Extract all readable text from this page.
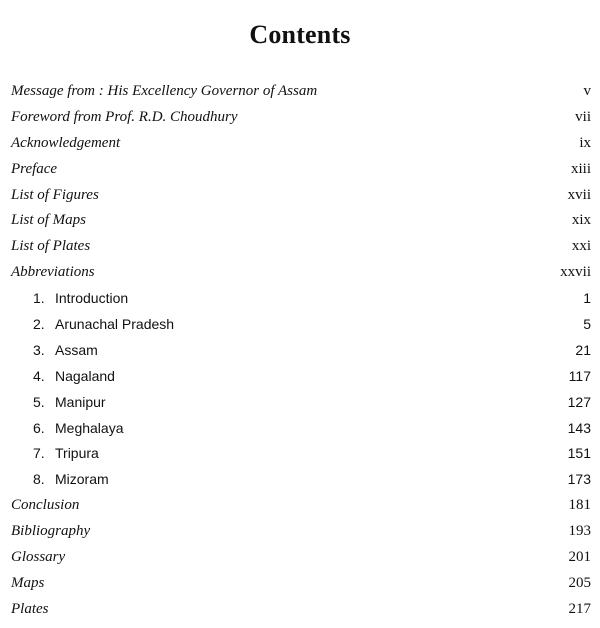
Contents
Message from : His Excellency Governor of Assam	v
Foreword from Prof. R.D. Choudhury	vii
Acknowledgement	ix
Preface	xiii
List of Figures	xvii
List of Maps	xix
List of Plates	xxi
Abbreviations	xxvii
1. Introduction	1
2. Arunachal Pradesh	5
3. Assam	21
4. Nagaland	117
5. Manipur	127
6. Meghalaya	143
7. Tripura	151
8. Mizoram	173
Conclusion	181
Bibliography	193
Glossary	201
Maps	205
Plates	217
